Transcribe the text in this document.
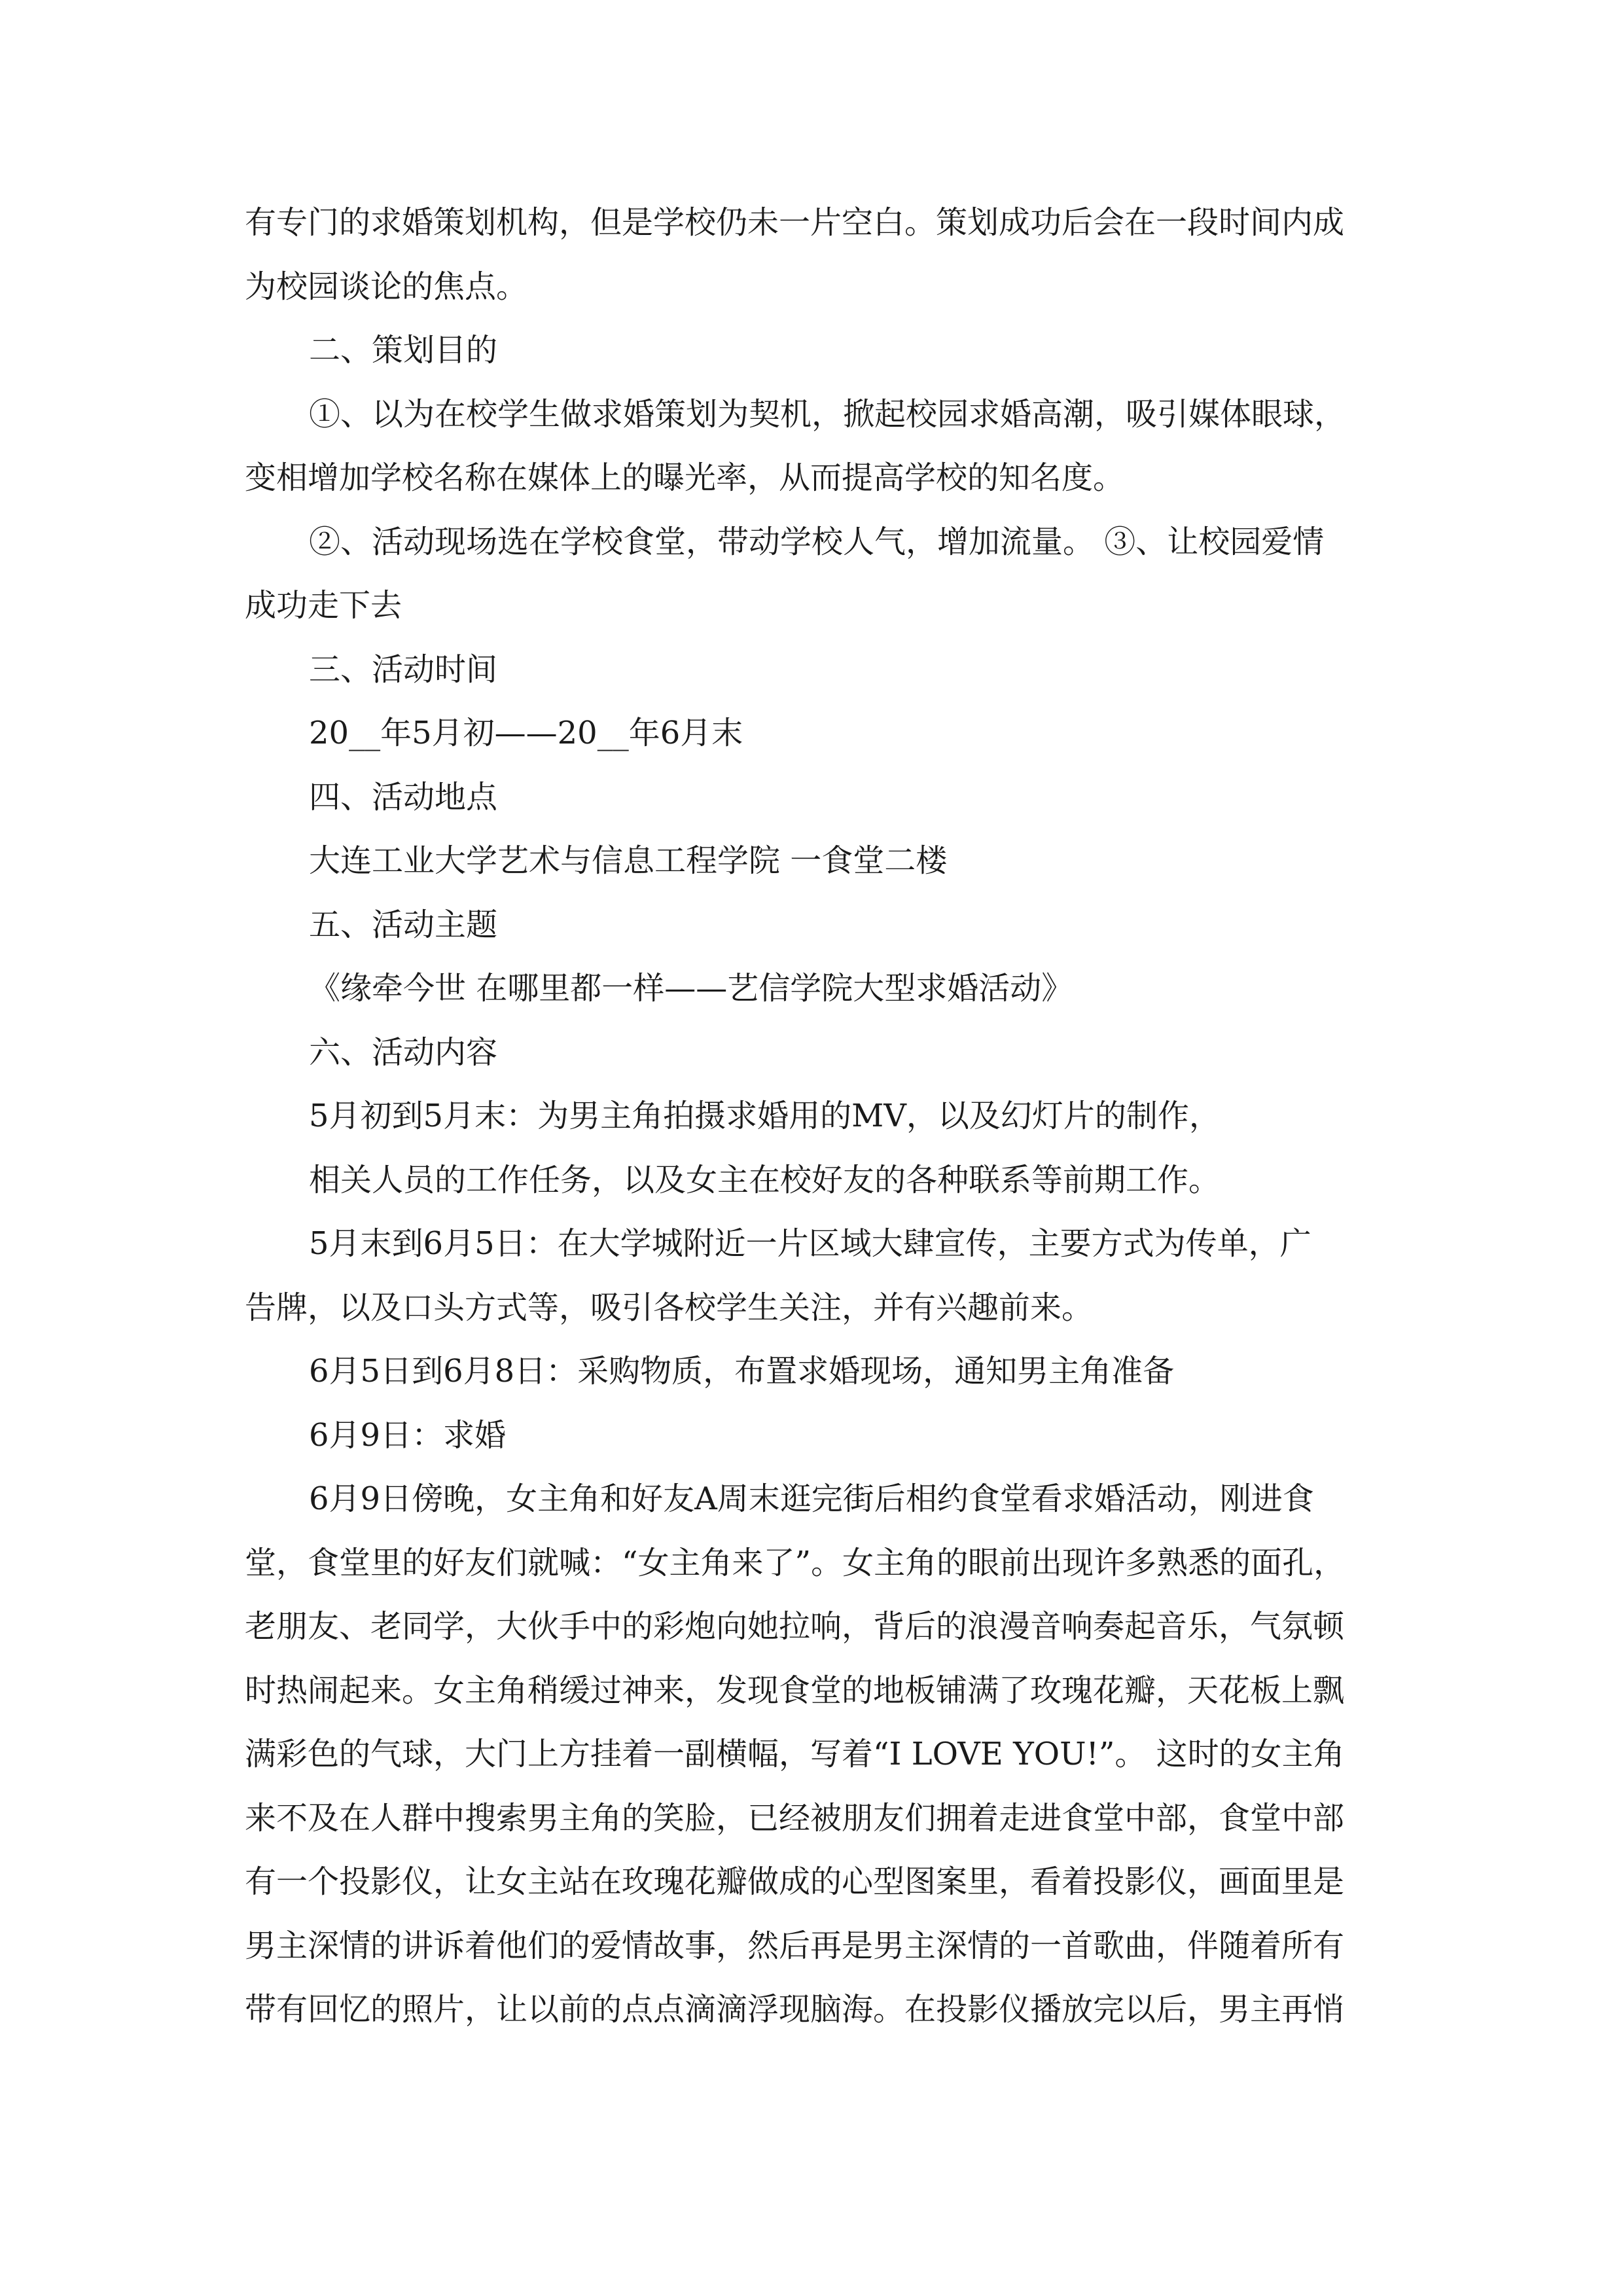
有专门的求婚策划机构，但是学校仍未一片空白。策划成功后会在一段时间内成
为校园谈论的焦点。
二、策划目的
①、以为在校学生做求婚策划为契机，掀起校园求婚高潮，吸引媒体眼球，
变相增加学校名称在媒体上的曝光率，从而提高学校的知名度。
②、活动现场选在学校食堂，带动学校人气，增加流量。 ③、让校园爱情
成功走下去
三、活动时间
20__年5月初——20__年6月末
四、活动地点
大连工业大学艺术与信息工程学院 一食堂二楼
五、活动主题
《缘牵今世 在哪里都一样——艺信学院大型求婚活动》
六、活动内容
5月初到5月末：为男主角拍摄求婚用的MV，以及幻灯片的制作，
相关人员的工作任务，以及女主在校好友的各种联系等前期工作。
5月末到6月5日：在大学城附近一片区域大肆宣传，主要方式为传单，广
告牌，以及口头方式等，吸引各校学生关注，并有兴趣前来。
6月5日到6月8日：采购物质，布置求婚现场，通知男主角准备
6月9日：求婚
6月9日傍晚，女主角和好友A周末逛完街后相约食堂看求婚活动，刚进食
堂，食堂里的好友们就喊：“女主角来了”。女主角的眼前出现许多熟悉的面孔，
老朋友、老同学，大伙手中的彩炮向她拉响，背后的浪漫音响奏起音乐，气氛顿
时热闹起来。女主角稍缓过神来，发现食堂的地板铺满了玫瑰花瓣，天花板上飘
满彩色的气球，大门上方挂着一副横幅，写着“I LOVE YOU!”。 这时的女主角
来不及在人群中搜索男主角的笑脸，已经被朋友们拥着走进食堂中部，食堂中部
有一个投影仪，让女主站在玫瑰花瓣做成的心型图案里，看着投影仪，画面里是
男主深情的讲诉着他们的爱情故事，然后再是男主深情的一首歌曲，伴随着所有
带有回忆的照片，让以前的点点滴滴浮现脑海。在投影仪播放完以后，男主再悄
